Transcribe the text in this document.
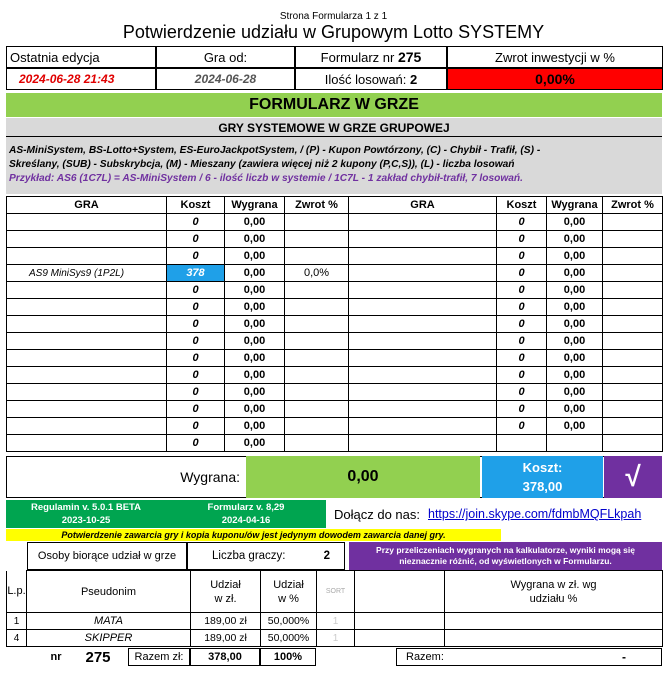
Strona Formularza 1 z 1
Potwierdzenie udziału w Grupowym Lotto SYSTEMY
Ostatnia edycja
2024-06-28 21:43
Gra od:
2024-06-28
Formularz nr
275
Ilość losowań:
2
Zwrot inwestycji w %
0,00%
FORMULARZ W GRZE
GRY SYSTEMOWE W GRZE GRUPOWEJ
AS-MiniSystem, BS-Lotto+System, ES-EuroJackpotSystem, / (P) - Kupon Powtórzony, (C) - Chybił - Trafił, (S) -
Skreślany, (SUB) - Subskrybcja, (M) - Mieszany (zawiera więcej niż 2 kupony (P,C,S)), (L) - liczba losowań
Przykład: AS6 (1C7L) = AS-MiniSystem / 6 - ilość liczb w systemie / 1C7L - 1 zakład chybił-trafił, 7 losowań.
GRA	Koszt	Wygrana	Zwrot %
	0	0,00	
	0	0,00	
	0	0,00	
AS9 MiniSys9 (1P2L)	378	0,00	0,0%
	0	0,00	
	0	0,00	
	0	0,00	
	0	0,00	
	0	0,00	
	0	0,00	
	0	0,00	
	0	0,00	
	0	0,00	
	0	0,00	
GRA	Koszt	Wygrana	Zwrot %
	0	0,00	
	0	0,00	
	0	0,00	
	0	0,00	
	0	0,00	
	0	0,00	
	0	0,00	
	0	0,00	
	0	0,00	
	0	0,00	
	0	0,00	
	0	0,00	
	0	0,00	

Wygrana:	0,00
Koszt:
378,00	√
Regulamin v. 5.0.1 BETA
2023-10-25
Formularz v. 8,29
2024-04-16	Dołącz do nas: https://join.skype.com/fdmbMQFLkpah
Potwierdzenie zawarcia gry i kopia kuponu/ów jest jedynym dowodem zawarcia danej gry.
Osoby biorące udział w grze	Liczba graczy:	2	Przy przeliczeniach wygranych na kalkulatorze, wyniki mogą się nieznacznie różnić, od wyświetlonych w Formularzu.
L.p.	Pseudonim	Udział w zł.	Udział w %	SORT		Wygrana w zł. wg udziału %

1	MATA	189,00 zł	50,000%	1		
4	SKIPPER	189,00 zł	50,000%	1		
nr	275	Razem zł:	378,00	100%	Razem:	-
